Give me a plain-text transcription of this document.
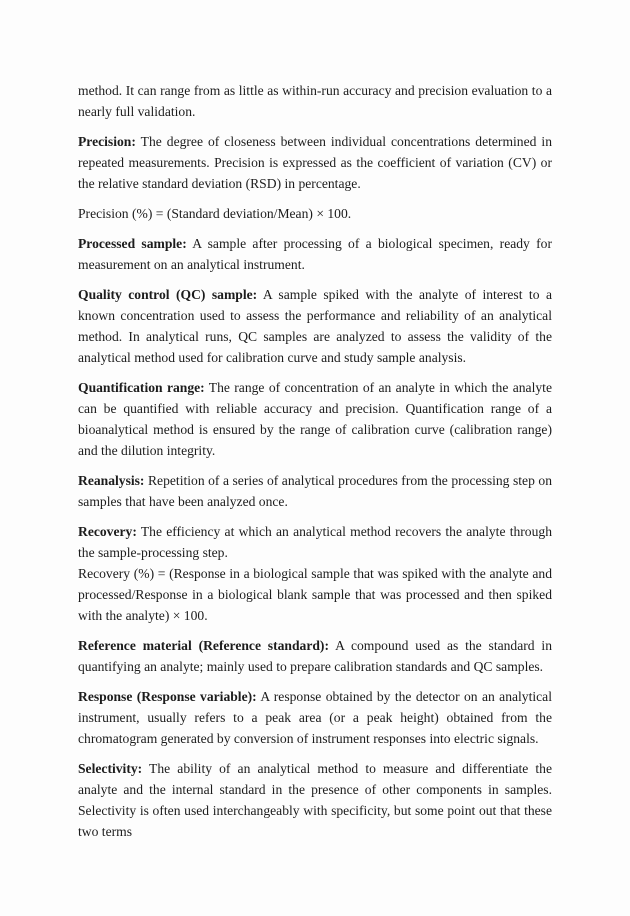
method. It can range from as little as within-run accuracy and precision evaluation to a nearly full validation.

Precision: The degree of closeness between individual concentrations determined in repeated measurements. Precision is expressed as the coefficient of variation (CV) or the relative standard deviation (RSD) in percentage.

Precision (%) = (Standard deviation/Mean) × 100.

Processed sample: A sample after processing of a biological specimen, ready for measurement on an analytical instrument.

Quality control (QC) sample: A sample spiked with the analyte of interest to a known concentration used to assess the performance and reliability of an analytical method. In analytical runs, QC samples are analyzed to assess the validity of the analytical method used for calibration curve and study sample analysis.

Quantification range: The range of concentration of an analyte in which the analyte can be quantified with reliable accuracy and precision. Quantification range of a bioanalytical method is ensured by the range of calibration curve (calibration range) and the dilution integrity.

Reanalysis: Repetition of a series of analytical procedures from the processing step on samples that have been analyzed once.

Recovery: The efficiency at which an analytical method recovers the analyte through the sample-processing step.
Recovery (%) = (Response in a biological sample that was spiked with the analyte and processed/Response in a biological blank sample that was processed and then spiked with the analyte) × 100.

Reference material (Reference standard): A compound used as the standard in quantifying an analyte; mainly used to prepare calibration standards and QC samples.

Response (Response variable): A response obtained by the detector on an analytical instrument, usually refers to a peak area (or a peak height) obtained from the chromatogram generated by conversion of instrument responses into electric signals.

Selectivity: The ability of an analytical method to measure and differentiate the analyte and the internal standard in the presence of other components in samples. Selectivity is often used interchangeably with specificity, but some point out that these two terms
